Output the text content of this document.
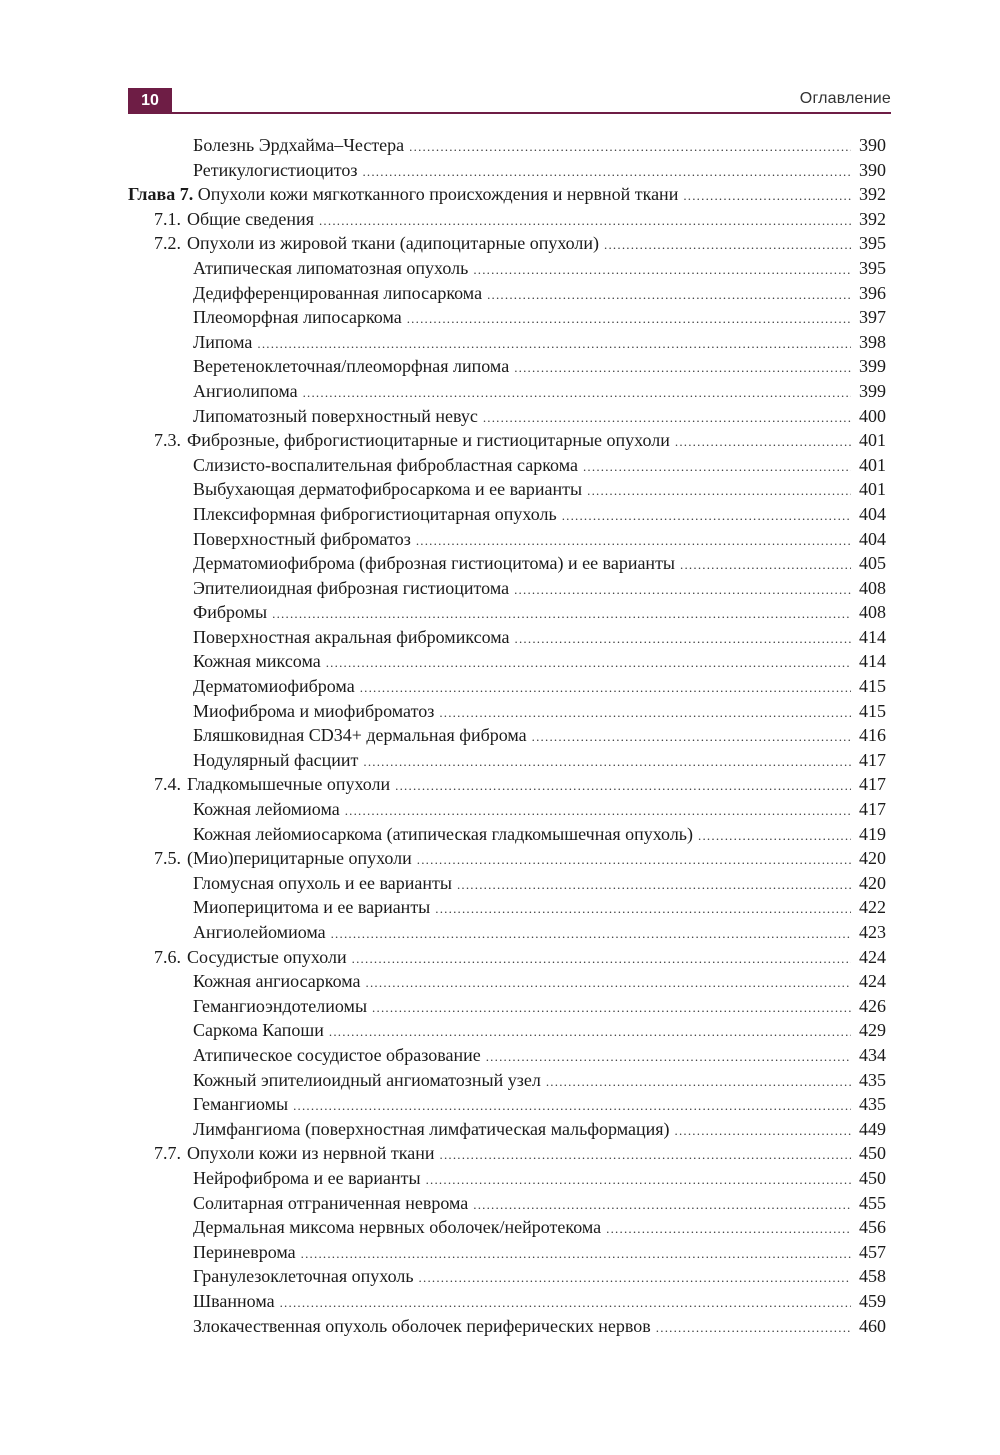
10	Оглавление
Болезнь Эрдхайма–Честера .....	390
Ретикулогистиоцитоз .....	390
Глава 7. Опухоли кожи мягкотканного происхождения и нервной ткани .....	392
7.1. Общие сведения .....	392
7.2. Опухоли из жировой ткани (адипоцитарные опухоли) .....	395
Атипическая липоматозная опухоль .....	395
Дедифференцированная липосаркома .....	396
Плеоморфная липосаркома .....	397
Липома .....	398
Веретеноклеточная/плеоморфная липома .....	399
Ангиолипома .....	399
Липоматозный поверхностный невус .....	400
7.3. Фиброзные, фиброгистиоцитарные и гистиоцитарные опухоли .....	401
Слизисто-воспалительная фибробластная саркома .....	401
Выбухающая дерматофибросаркома и ее варианты .....	401
Плексиформная фиброгистиоцитарная опухоль .....	404
Поверхностный фиброматоз .....	404
Дерматомиофиброма (фиброзная гистиоцитома) и ее варианты .....	405
Эпителиоидная фиброзная гистиоцитома .....	408
Фибромы .....	408
Поверхностная акральная фибромиксома .....	414
Кожная миксома .....	414
Дерматомиофиброма .....	415
Миофиброма и миофиброматоз .....	415
Бляшковидная CD34+ дермальная фиброма .....	416
Нодулярный фасциит .....	417
7.4. Гладкомышечные опухоли .....	417
Кожная лейомиома .....	417
Кожная лейомиосаркома (атипическая гладкомышечная опухоль) .....	419
7.5. (Мио)перицитарные опухоли .....	420
Гломусная опухоль и ее варианты .....	420
Миоперицитома и ее варианты .....	422
Ангиолейомиома .....	423
7.6. Сосудистые опухоли .....	424
Кожная ангиосаркома .....	424
Гемангиоэндотелиомы .....	426
Саркома Капоши .....	429
Атипическое сосудистое образование .....	434
Кожный эпителиоидный ангиоматозный узел .....	435
Гемангиомы .....	435
Лимфангиома (поверхностная лимфатическая мальформация) .....	449
7.7. Опухоли кожи из нервной ткани .....	450
Нейрофиброма и ее варианты .....	450
Солитарная отграниченная неврома .....	455
Дермальная миксома нервных оболочек/нейротекома .....	456
Периневрома .....	457
Гранулезоклеточная опухоль .....	458
Шваннома .....	459
Злокачественная опухоль оболочек периферических нервов .....	460
